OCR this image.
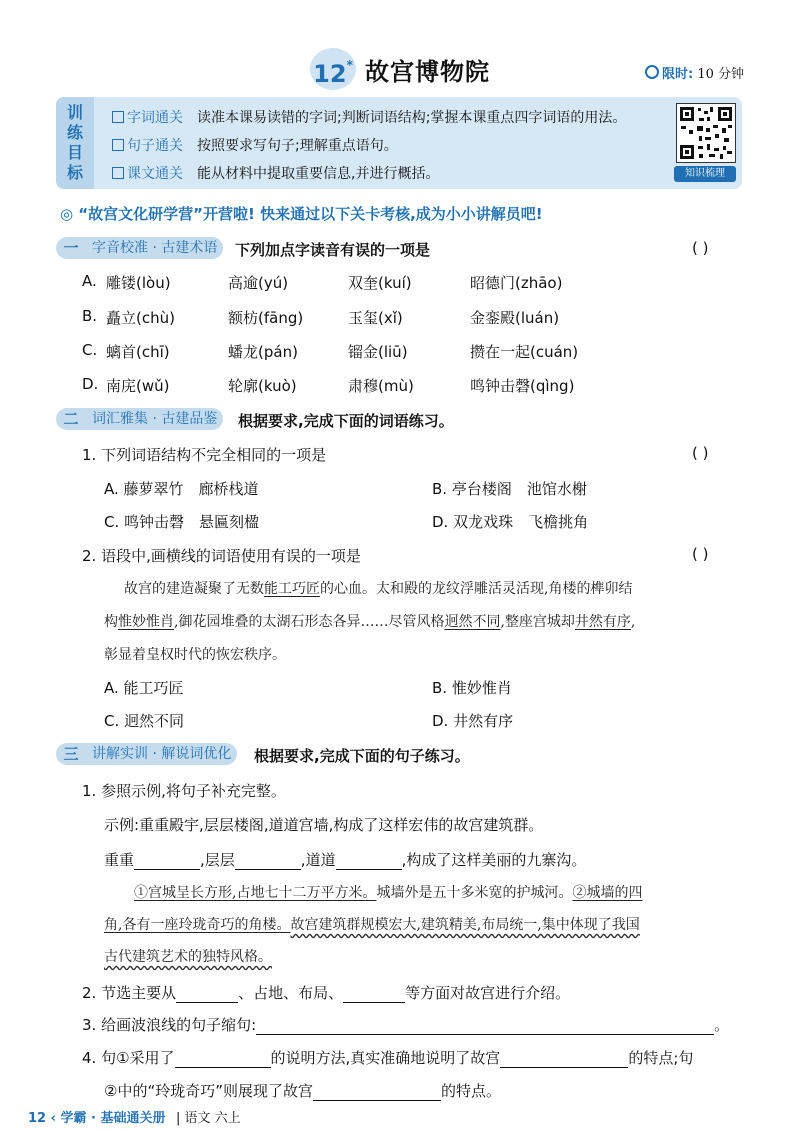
12* 故宫博物院	限时: 10 分钟
训
练
目
标
字词通关　 读准本课易读错的字词;判断词语结构;掌握本课重点四字词语的用法。
句子通关　 按照要求写句子;理解重点语句。
课文通关　 能从材料中提取重要信息,并进行概括。	知识梳理
◎ “故宫文化研学营”开营啦! 快来通过以下关卡考核,成为小小讲解员吧!
一 字音校准 · 古建术语	下列加点字读音有误的一项是	( )
A. 雕镂(lòu)	高逾(yú)	双奎(kuí)	昭德门(zhāo)
B. 矗立(chù)	额枋(fāng)	玉玺(xǐ)	金銮殿(luán)
C. 螭首(chī)	蟠龙(pán)	镏金(liū)	攒在一起(cuán)
D. 南庑(wǔ)	轮廓(kuò)	肃穆(mù)	鸣钟击磬(qìng)
二 词汇雅集 · 古建品鉴	根据要求,完成下面的词语练习。
1. 下列词语结构不完全相同的一项是	( )
A. 藤萝翠竹　廊桥栈道	B. 亭台楼阁　池馆水榭
C. 鸣钟击磬　悬匾刻楹	D. 双龙戏珠　飞檐挑角
2. 语段中,画横线的词语使用有误的一项是	( )
故宫的建造凝聚了无数能工巧匠的心血。太和殿的龙纹浮雕活灵活现,角楼的榫卯结
构惟妙惟肖,御花园堆叠的太湖石形态各异……尽管风格迥然不同,整座宫城却井然有序,
彰显着皇权时代的恢宏秩序。
A. 能工巧匠	B. 惟妙惟肖
C. 迥然不同	D. 井然有序
三 讲解实训 · 解说词优化	根据要求,完成下面的句子练习。
1. 参照示例,将句子补充完整。
示例:重重殿宇,层层楼阁,道道宫墙,构成了这样宏伟的故宫建筑群。
重重	,层层	,道道	,构成了这样美丽的九寨沟。
①宫城呈长方形,占地七十二万平方米。城墙外是五十多米宽的护城河。②城墙的四
角,各有一座玲珑奇巧的角楼。故宫建筑群规模宏大,建筑精美,布局统一,集中体现了我国
古代建筑艺术的独特风格。
2. 节选主要从	、占地、布局、	等方面对故宫进行介绍。
3. 给画波浪线的句子缩句:	。
4. 句①采用了	的说明方法,真实准确地说明了故宫	的特点;句
②中的“玲珑奇巧”则展现了故宫	的特点。
12 ‹ 学霸 · 基础通关册 | 语文 六上
